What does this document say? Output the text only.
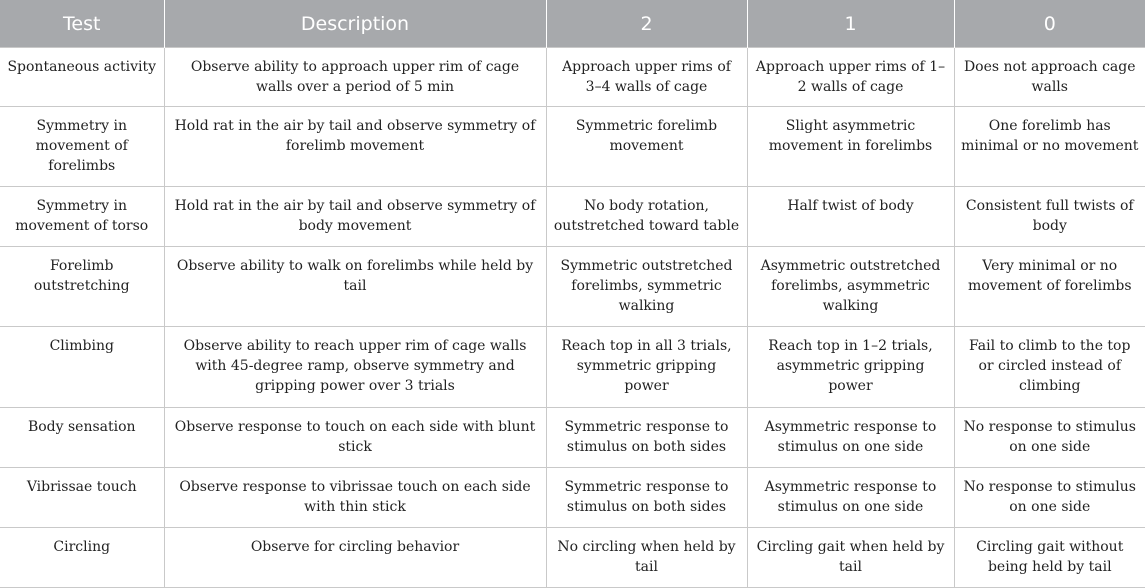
Test	Description	2	1	0
Spontaneous activity	Observe ability to approach upper rim of cage walls over a period of 5 min	Approach upper rims of 3–4 walls of cage	Approach upper rims of 1–2 walls of cage	Does not approach cage walls
Symmetry in movement of forelimbs	Hold rat in the air by tail and observe symmetry of forelimb movement	Symmetric forelimb movement	Slight asymmetric movement in forelimbs	One forelimb has minimal or no movement
Symmetry in movement of torso	Hold rat in the air by tail and observe symmetry of body movement	No body rotation, outstretched toward table	Half twist of body	Consistent full twists of body
Forelimb outstretching	Observe ability to walk on forelimbs while held by tail	Symmetric outstretched forelimbs, symmetric walking	Asymmetric outstretched forelimbs, asymmetric walking	Very minimal or no movement of forelimbs
Climbing	Observe ability to reach upper rim of cage walls with 45-degree ramp, observe symmetry and gripping power over 3 trials	Reach top in all 3 trials, symmetric gripping power	Reach top in 1–2 trials, asymmetric gripping power	Fail to climb to the top or circled instead of climbing
Body sensation	Observe response to touch on each side with blunt stick	Symmetric response to stimulus on both sides	Asymmetric response to stimulus on one side	No response to stimulus on one side
Vibrissae touch	Observe response to vibrissae touch on each side with thin stick	Symmetric response to stimulus on both sides	Asymmetric response to stimulus on one side	No response to stimulus on one side
Circling	Observe for circling behavior	No circling when held by tail	Circling gait when held by tail	Circling gait without being held by tail
